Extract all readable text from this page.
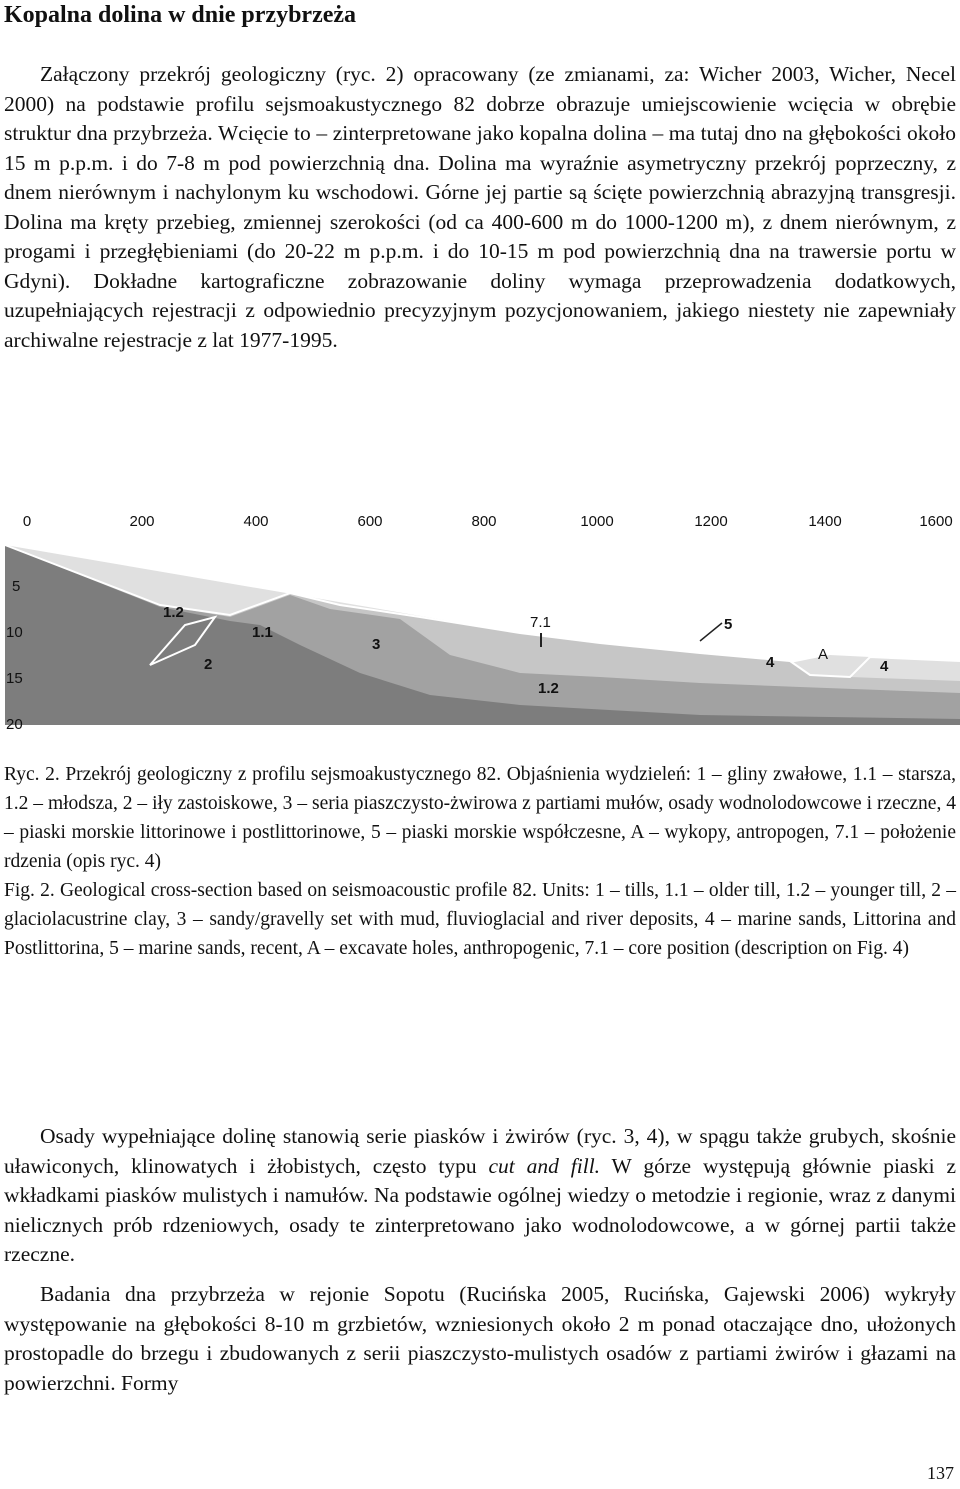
Kopalna dolina w dnie przybrzeża

Załączony przekrój geologiczny (ryc. 2) opracowany (ze zmianami, za: Wicher 2003, Wicher, Necel 2000) na podstawie profilu sejsmoakustycznego 82 dobrze obrazuje umiejscowienie wcięcia w obrębie struktur dna przybrzeża. Wcięcie to – zinterpretowane jako kopalna dolina – ma tutaj dno na głębokości około 15 m p.p.m. i do 7-8 m pod powierzchnią dna. Dolina ma wyraźnie asymetryczny przekrój poprzeczny, z dnem nierównym i nachylonym ku wschodowi. Górne jej partie są ścięte powierzchnią abrazyjną transgresji. Dolina ma kręty przebieg, zmiennej szerokości (od ca 400-600 m do 1000-1200 m), z dnem nierównym, z progami i przegłębieniami (do 20-22 m p.p.m. i do 10-15 m pod powierzchnią dna na trawersie portu w Gdyni). Dokładne kartograficzne zobrazowanie doliny wymaga przeprowadzenia dodatkowych, uzupełniających rejestracji z odpowiednio precyzyjnym pozycjonowaniem, jakiego niestety nie zapewniały archiwalne rejestracje z lat 1977-1995.

0	200	400	600	800	1000	1200	1400	1600
5
10
15
20
1.2
1.1
2
3
7.1
1.2
5
4	A
4

Ryc. 2. Przekrój geologiczny z profilu sejsmoakustycznego 82. Objaśnienia wydzieleń: 1 – gliny zwałowe, 1.1 – starsza, 1.2 – młodsza, 2 – iły zastoiskowe, 3 – seria piaszczysto-żwirowa z partiami mułów, osady wodnolodowcowe i rzeczne, 4 – piaski morskie littorinowe i postlittorinowe, 5 – piaski morskie współczesne, A – wykopy, antropogen, 7.1 – położenie rdzenia (opis ryc. 4)

Fig. 2. Geological cross-section based on seismoacoustic profile 82. Units: 1 – tills, 1.1 – older till, 1.2 – younger till, 2 – glaciolacustrine clay, 3 – sandy/gravelly set with mud, fluvioglacial and river deposits, 4 – marine sands, Littorina and Postlittorina, 5 – marine sands, recent, A – excavate holes, anthropogenic, 7.1 – core position (description on Fig. 4)

Osady wypełniające dolinę stanowią serie piasków i żwirów (ryc. 3, 4), w spągu także grubych, skośnie uławiconych, klinowatych i żłobistych, często typu cut and fill. W górze występują głównie piaski z wkładkami piasków mulistych i namułów. Na podstawie ogólnej wiedzy o metodzie i regionie, wraz z danymi nielicznych prób rdzeniowych, osady te zinterpretowano jako wodnolodowcowe, a w górnej partii także rzeczne.

Badania dna przybrzeża w rejonie Sopotu (Rucińska 2005, Rucińska, Gajewski 2006) wykryły występowanie na głębokości 8-10 m grzbietów, wzniesionych około 2 m ponad otaczające dno, ułożonych prostopadle do brzegu i zbudowanych z serii piaszczysto-mulistych osadów z partiami żwirów i głazami na powierzchni. Formy

137
